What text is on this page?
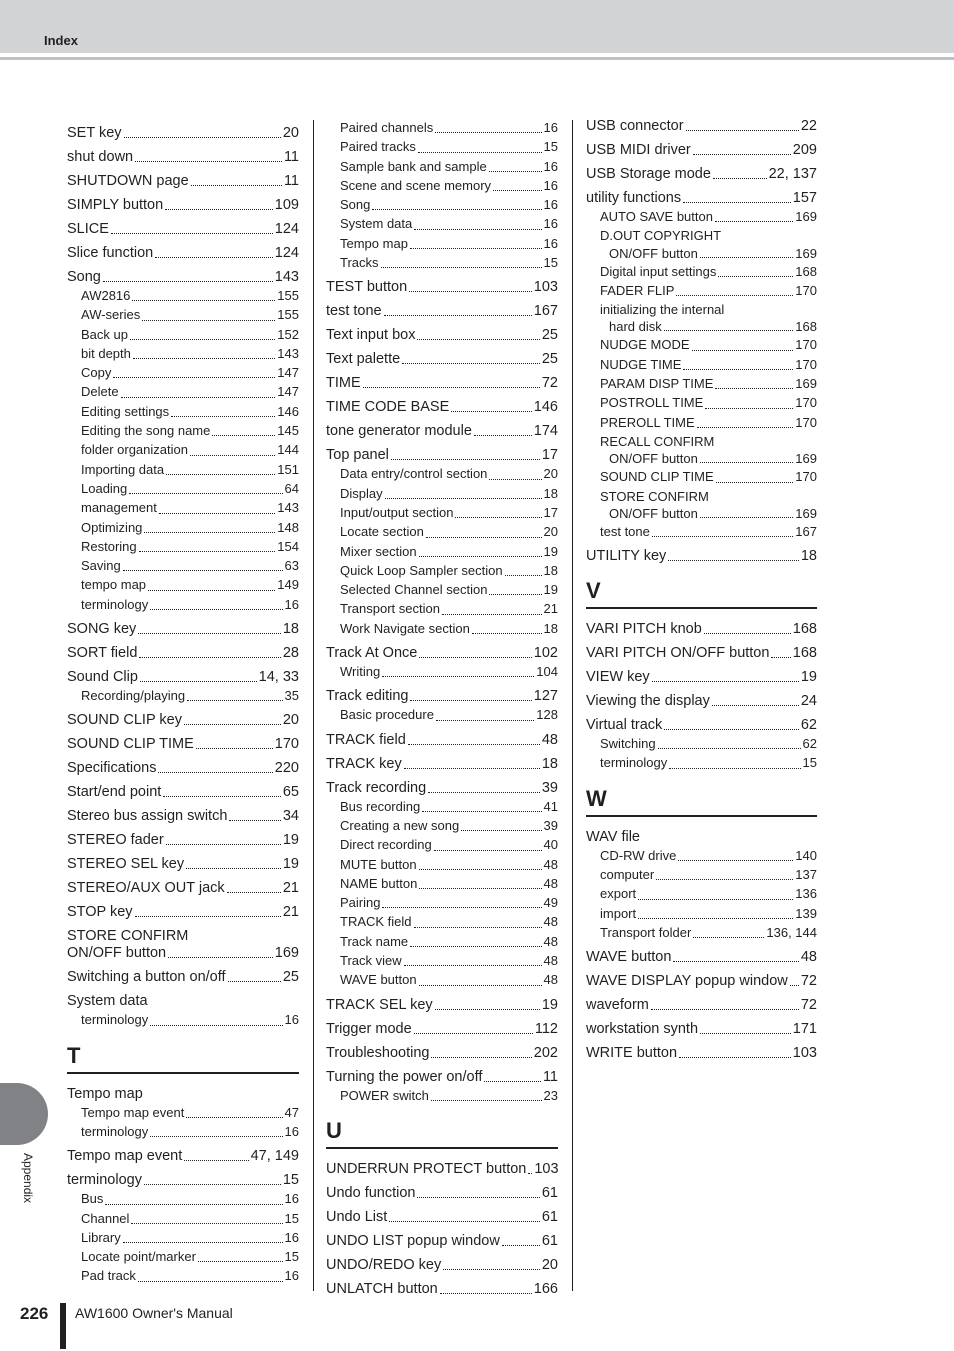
Index
SET key	20
shut down	11
SHUTDOWN page	11
SIMPLY button	109
SLICE	124
Slice function	124
Song	143
AW2816	155
AW-series	155
Back up	152
bit depth	143
Copy	147
Delete	147
Editing settings	146
Editing the song name	145
folder organization	144
Importing data	151
Loading	64
management	143
Optimizing	148
Restoring	154
Saving	63
tempo map	149
terminology	16
SONG key	18
SORT field	28
Sound Clip	14, 33
Recording/playing	35
SOUND CLIP key	20
SOUND CLIP TIME	170
Specifications	220
Start/end point	65
Stereo bus assign switch	34
STEREO fader	19
STEREO SEL key	19
STEREO/AUX OUT jack	21
STOP key	21
STORE CONFIRM
ON/OFF button	169
Switching a button on/off	25
System data
terminology	16
T
Tempo map
Tempo map event	47
terminology	16
Tempo map event	47, 149
terminology	15
Bus	16
Channel	15
Library	16
Locate point/marker	15
Pad track	16
Paired channels	16
Paired tracks	15
Sample bank and sample	16
Scene and scene memory	16
Song	16
System data	16
Tempo map	16
Tracks	15
TEST button	103
test tone	167
Text input box	25
Text palette	25
TIME	72
TIME CODE BASE	146
tone generator module	174
Top panel	17
Data entry/control section	20
Display	18
Input/output section	17
Locate section	20
Mixer section	19
Quick Loop Sampler section	18
Selected Channel section	19
Transport section	21
Work Navigate section	18
Track At Once	102
Writing	104
Track editing	127
Basic procedure	128
TRACK field	48
TRACK key	18
Track recording	39
Bus recording	41
Creating a new song	39
Direct recording	40
MUTE button	48
NAME button	48
Pairing	49
TRACK field	48
Track name	48
Track view	48
WAVE button	48
TRACK SEL key	19
Trigger mode	112
Troubleshooting	202
Turning the power on/off	11
POWER switch	23
U
UNDERRUN PROTECT button 103
Undo function	61
Undo List	61
UNDO LIST popup window	61
UNDO/REDO key	20
UNLATCH button	166
USB connector	22
USB MIDI driver	209
USB Storage mode	22, 137
utility functions	157
AUTO SAVE button	169
D.OUT COPYRIGHT
ON/OFF button	169
Digital input settings	168
FADER FLIP	170
initializing the internal
hard disk	168
NUDGE MODE	170
NUDGE TIME	170
PARAM DISP TIME	169
POSTROLL TIME	170
PREROLL TIME	170
RECALL CONFIRM
ON/OFF button	169
SOUND CLIP TIME	170
STORE CONFIRM
ON/OFF button	169
test tone	167
UTILITY key	18
V
VARI PITCH knob	168
VARI PITCH ON/OFF button 168
VIEW key	19
Viewing the display	24
Virtual track	62
Switching	62
terminology	15
W
WAV file
CD-RW drive	140
computer	137
export	136
import	139
Transport folder	136, 144
WAVE button	48
WAVE DISPLAY popup window 72
waveform	72
workstation synth	171
WRITE button	103
Appendix
226 AW1600 Owner's Manual
